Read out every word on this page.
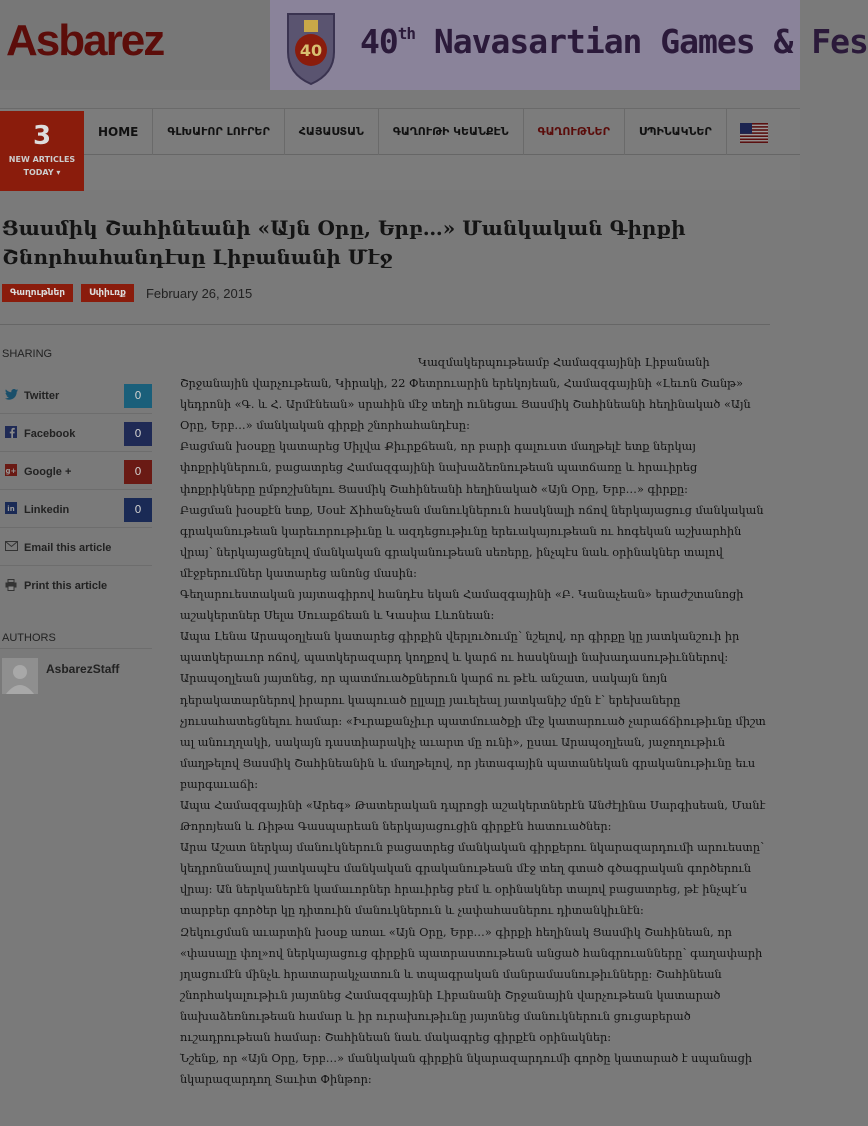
Asbarez	40 40th Navasartian Games & Fes
3
NEW ARTICLES
TODAY ▾
HOME	ԳԼԽԱՒՈՐ ԼՈՒՐԵՐ	ՀԱՅԱՍՏԱՆ	ԳԱՂՈՒԹԻ ԿԵԱՆՔԷՆ	ԳԱՂՈՒԹՆԵՐ	ՍՊԻՆԱԿՆԵՐ
Ցասմիկ Շահինեանի «Այն Օրը, Երբ…» Մանկական Գիրքի Շնորհահանդէսը Լիբանանի Մէջ
Գաղութներ	Սփիւռք	February 26, 2015
SHARING
Twitter	0
Facebook	0
g+ Google +	0
in Linkedin	0
Email this article
Print this article
AUTHORS
AsbarezStaff

Կազմակերպութեամբ Համազգայինի Լիբանանի Շրջանային վարչութեան, Կիրակի, 22 Փետրուարին երեկոյեան, Համազգայինի «Լեւոն Շանթ» կեդրոնի «Գ. և Հ. Արմէնեան» սրահին մէջ տեղի ունեցաւ Ցասմիկ Շահինեանի հեղինակած «Այն Օրը, Երբ…» մանկական գիրքի շնորհահանդէսը:

Բացման խօսքը կատարեց Սիլվա Քիւրքճեան, որ բարի գալուստ մաղթելէ ետք ներկայ փոքրիկներուն, բացատրեց Համազգայինի նախաձեռնութեան պատճառը և հրաւիրեց փոքրիկները ըմբոշխնելու Ցասմիկ Շահինեանի հեղինակած «Այն Օրը, Երբ…» գիրքը:

Բացման խօսքէն ետք, Սօսէ Ճիհանչեան մանուկներուն հասկնալի ոճով ներկայացուց մանկական գրականութեան կարեւորութիւնը և ազդեցութիւնը երեւակայութեան ու հոգեկան աշխարհին վրայ՝ ներկայացնելով մանկական գրականութեան սեռերը, ինչպէս նաև օրինակներ տալով մէջբերումներ կատարեց անոնց մասին:

Գեղարուեստական յայտագիրով հանդէս եկան Համազգայինի «Բ. Կանաչեան» երաժշտանոցի աշակերտներ Սելա Սուաքճեան և Կասիա Լևոնեան:

Ապա Լենա Արապօղլեան կատարեց գիրքին վերլուծումը՝ նշելով, որ գիրքը կը յատկանշուի իր պատկերաւոր ոճով, պատկերազարդ կողքով և կարճ ու հասկնալի նախադասութիւններով:

Արապօղլեան յայտնեց, որ պատմուածքներուն կարճ ու թէև անշատ, սակայն նոյն դերակատարներով իրարու կապուած ըլլալը յաւելեալ յատկանիշ մըն է՝ երեխաները չյուսահատեցնելու համար: «Իւրաքանչիւր պատմուածքի մէջ կատարուած չարաճճիութիւնը միշտ ալ անուղղակի, սակայն դաստիարակիչ աւարտ մը ունի», ըսաւ Արապօղլեան, յաջողութիւն մաղթելով Ցասմիկ Շահինեանին և մաղթելով, որ յետագային պատանեկան գրականութիւնը եւս բարգաւաճի:

Ապա Համազգայինի «Արեգ» Թատերական դպրոցի աշակերտներէն Անժէլինա Սարգիսեան, Մանէ Թորոյեան և Ռիթա Գասպարեան ներկայացուցին գիրքէն հատուածներ:

Արա Աշատ ներկայ մանուկներուն բացատրեց մանկական գիրքերու նկարազարդումի արուեստը՝ կեդրոնանալով յատկապէս մանկական գրականութեան մէջ տեղ գտած գծագրական գործերուն վրայ: Ան ներկաներէն կամաւորներ հրաւիրեց բեմ և օրինակներ տալով բացատրեց, թէ ինչպէ՛ս տարբեր գործեր կը դիտուին մանուկներուն և չափահասներու դիտանկիւնէն:

Զեկուցման աւարտին խօսք առաւ «Այն Օրը, Երբ…» գիրքի հեղինակ Ցասմիկ Շահինեան, որ «փասալը փոլ»ով ներկայացուց գիրքին պատրաստութեան անցած հանգրուանները՝ գաղափարի յղացումէն մինչև հրատարակչատուն և տպագրական մանրամասնութիւնները: Շահինեան շնորհակալութիւն յայտնեց Համազգայինի Լիբանանի Շրջանային վարչութեան կատարած նախաձեռնութեան համար և իր ուրախութիւնը յայտնեց մանուկներուն ցուցաբերած ուշադրութեան համար: Շահինեան նաև մակագրեց գիրքէն օրինակներ:

Նշենք, որ «Այն Օրը, Երբ…» մանկական գիրքին նկարազարդումի գործը կատարած է սպանացի նկարազարդող Տաւիտ Փինթոր:
